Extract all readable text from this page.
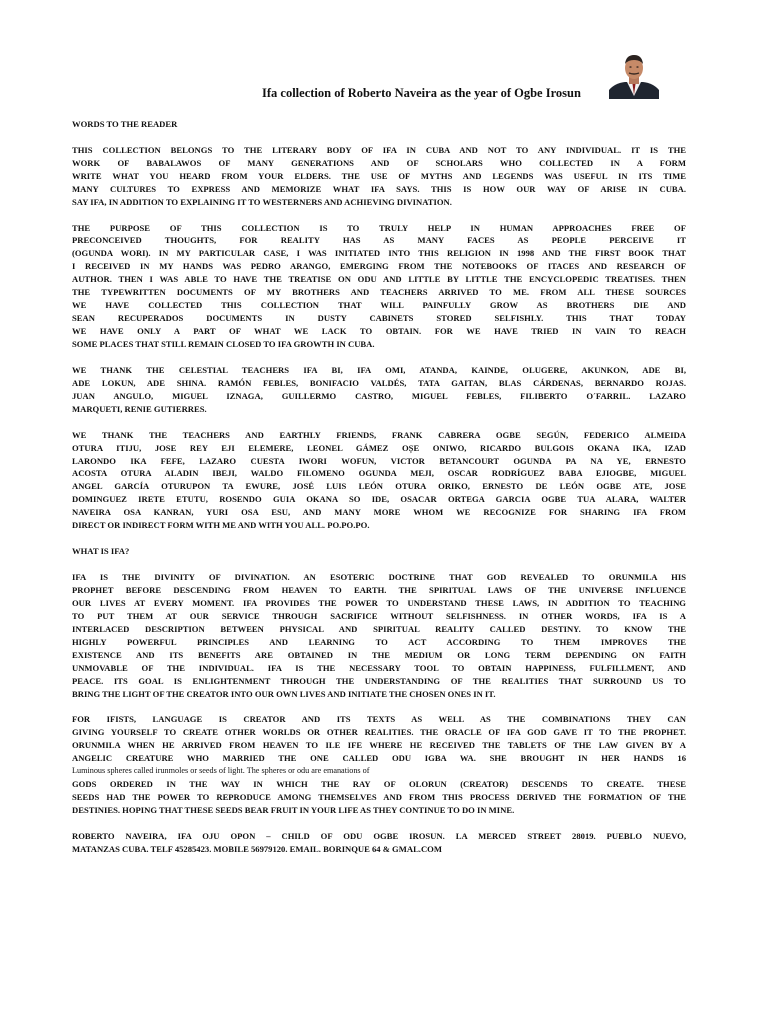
Ifa collection of Roberto Naveira as the year of Ogbe Irosun

WORDS TO THE READER

THIS COLLECTION BELONGS TO THE LITERARY BODY OF IFA IN CUBA AND NOT TO ANY INDIVIDUAL. IT IS THE
WORK OF BABALAWOS OF MANY GENERATIONS AND OF SCHOLARS WHO COLLECTED IN A FORM
WRITE WHAT YOU HEARD FROM YOUR ELDERS. THE USE OF MYTHS AND LEGENDS WAS USEFUL IN ITS TIME
MANY CULTURES TO EXPRESS AND MEMORIZE WHAT IFA SAYS. THIS IS HOW OUR WAY OF ARISE IN CUBA.
SAY IFA, IN ADDITION TO EXPLAINING IT TO WESTERNERS AND ACHIEVING DIVINATION.

THE PURPOSE OF THIS COLLECTION IS TO TRULY HELP IN HUMAN APPROACHES FREE OF
PRECONCEIVED THOUGHTS, FOR REALITY HAS AS MANY FACES AS PEOPLE PERCEIVE IT
(OGUNDA WORI). IN MY PARTICULAR CASE, I WAS INITIATED INTO THIS RELIGION IN 1998 AND THE FIRST BOOK THAT
I RECEIVED IN MY HANDS WAS PEDRO ARANGO, EMERGING FROM THE NOTEBOOKS OF ITACES AND RESEARCH OF
AUTHOR. THEN I WAS ABLE TO HAVE THE TREATISE ON ODU AND LITTLE BY LITTLE THE ENCYCLOPEDIC TREATISES. THEN
THE TYPEWRITTEN DOCUMENTS OF MY BROTHERS AND TEACHERS ARRIVED TO ME. FROM ALL THESE SOURCES
WE HAVE COLLECTED THIS COLLECTION THAT WILL PAINFULLY GROW AS BROTHERS DIE AND
SEAN RECUPERADOS DOCUMENTS IN DUSTY CABINETS STORED SELFISHLY. THIS THAT TODAY
WE HAVE ONLY A PART OF WHAT WE LACK TO OBTAIN. FOR WE HAVE TRIED IN VAIN TO REACH
SOME PLACES THAT STILL REMAIN CLOSED TO IFA GROWTH IN CUBA.

WE THANK THE CELESTIAL TEACHERS IFA BI, IFA OMI, ATANDA, KAINDE, OLUGERE, AKUNKON, ADE BI,
ADE LOKUN, ADE SHINA. RAMÓN FEBLES, BONIFACIO VALDÉS, TATA GAITAN, BLAS CÁRDENAS, BERNARDO ROJAS.
JUAN ANGULO, MIGUEL IZNAGA, GUILLERMO CASTRO, MIGUEL FEBLES, FILIBERTO O´FARRIL. LAZARO
MARQUETI, RENIE GUTIERRES.

WE THANK THE TEACHERS AND EARTHLY FRIENDS, FRANK CABRERA OGBE SEGÚN, FEDERICO ALMEIDA
OTURA ITIJU, JOSE REY EJI ELEMERE, LEONEL GÁMEZ OȘE ONIWO, RICARDO BULGOIS OKANA IKA, IZAD
LARONDO IKA FEFE, LAZARO CUESTA IWORI WOFUN, VICTOR BETANCOURT OGUNDA PA NA YE, ERNESTO
ACOSTA OTURA ALADIN IBEJI, WALDO FILOMENO OGUNDA MEJI, OSCAR RODRÍGUEZ BABA EJIOGBE, MIGUEL
ANGEL GARCÍA OTURUPON TA EWURE, JOSÉ LUIS LEÓN OTURA ORIKO, ERNESTO DE LEÓN OGBE ATE, JOSE
DOMINGUEZ IRETE ETUTU, ROSENDO GUIA OKANA SO IDE, OSACAR ORTEGA GARCIA OGBE TUA ALARA, WALTER
NAVEIRA OSA KANRAN, YURI OSA ESU, AND MANY MORE WHOM WE RECOGNIZE FOR SHARING IFA FROM
DIRECT OR INDIRECT FORM WITH ME AND WITH YOU ALL. PO.PO.PO.

WHAT IS IFA?

IFA IS THE DIVINITY OF DIVINATION. AN ESOTERIC DOCTRINE THAT GOD REVEALED TO ORUNMILA HIS
PROPHET BEFORE DESCENDING FROM HEAVEN TO EARTH. THE SPIRITUAL LAWS OF THE UNIVERSE INFLUENCE
OUR LIVES AT EVERY MOMENT. IFA PROVIDES THE POWER TO UNDERSTAND THESE LAWS, IN ADDITION TO TEACHING
TO PUT THEM AT OUR SERVICE THROUGH SACRIFICE WITHOUT SELFISHNESS. IN OTHER WORDS, IFA IS A
INTERLACED DESCRIPTION BETWEEN PHYSICAL AND SPIRITUAL REALITY CALLED DESTINY. TO KNOW THE
HIGHLY POWERFUL PRINCIPLES AND LEARNING TO ACT ACCORDING TO THEM IMPROVES THE
EXISTENCE AND ITS BENEFITS ARE OBTAINED IN THE MEDIUM OR LONG TERM DEPENDING ON FAITH
UNMOVABLE OF THE INDIVIDUAL. IFA IS THE NECESSARY TOOL TO OBTAIN HAPPINESS, FULFILLMENT, AND
PEACE. ITS GOAL IS ENLIGHTENMENT THROUGH THE UNDERSTANDING OF THE REALITIES THAT SURROUND US TO
BRING THE LIGHT OF THE CREATOR INTO OUR OWN LIVES AND INITIATE THE CHOSEN ONES IN IT.

FOR IFISTS, LANGUAGE IS CREATOR AND ITS TEXTS AS WELL AS THE COMBINATIONS THEY CAN
GIVING YOURSELF TO CREATE OTHER WORLDS OR OTHER REALITIES. THE ORACLE OF IFA GOD GAVE IT TO THE PROPHET.
ORUNMILA WHEN HE ARRIVED FROM HEAVEN TO ILE IFE WHERE HE RECEIVED THE TABLETS OF THE LAW GIVEN BY A
ANGELIC CREATURE WHO MARRIED THE ONE CALLED ODU IGBA WA. SHE BROUGHT IN HER HANDS 16
Luminous spheres called irunmoles or seeds of light. The spheres or odu are emanations of
GODS ORDERED IN THE WAY IN WHICH THE RAY OF OLORUN (CREATOR) DESCENDS TO CREATE. THESE
SEEDS HAD THE POWER TO REPRODUCE AMONG THEMSELVES AND FROM THIS PROCESS DERIVED THE FORMATION OF THE
DESTINIES. HOPING THAT THESE SEEDS BEAR FRUIT IN YOUR LIFE AS THEY CONTINUE TO DO IN MINE.

ROBERTO NAVEIRA, IFA OJU OPON – CHILD OF ODU OGBE IROSUN. LA MERCED STREET 28019. PUEBLO NUEVO,
MATANZAS CUBA. TELF 45285423. MOBILE 56979120. EMAIL. BORINQUE 64 & GMAL.COM
